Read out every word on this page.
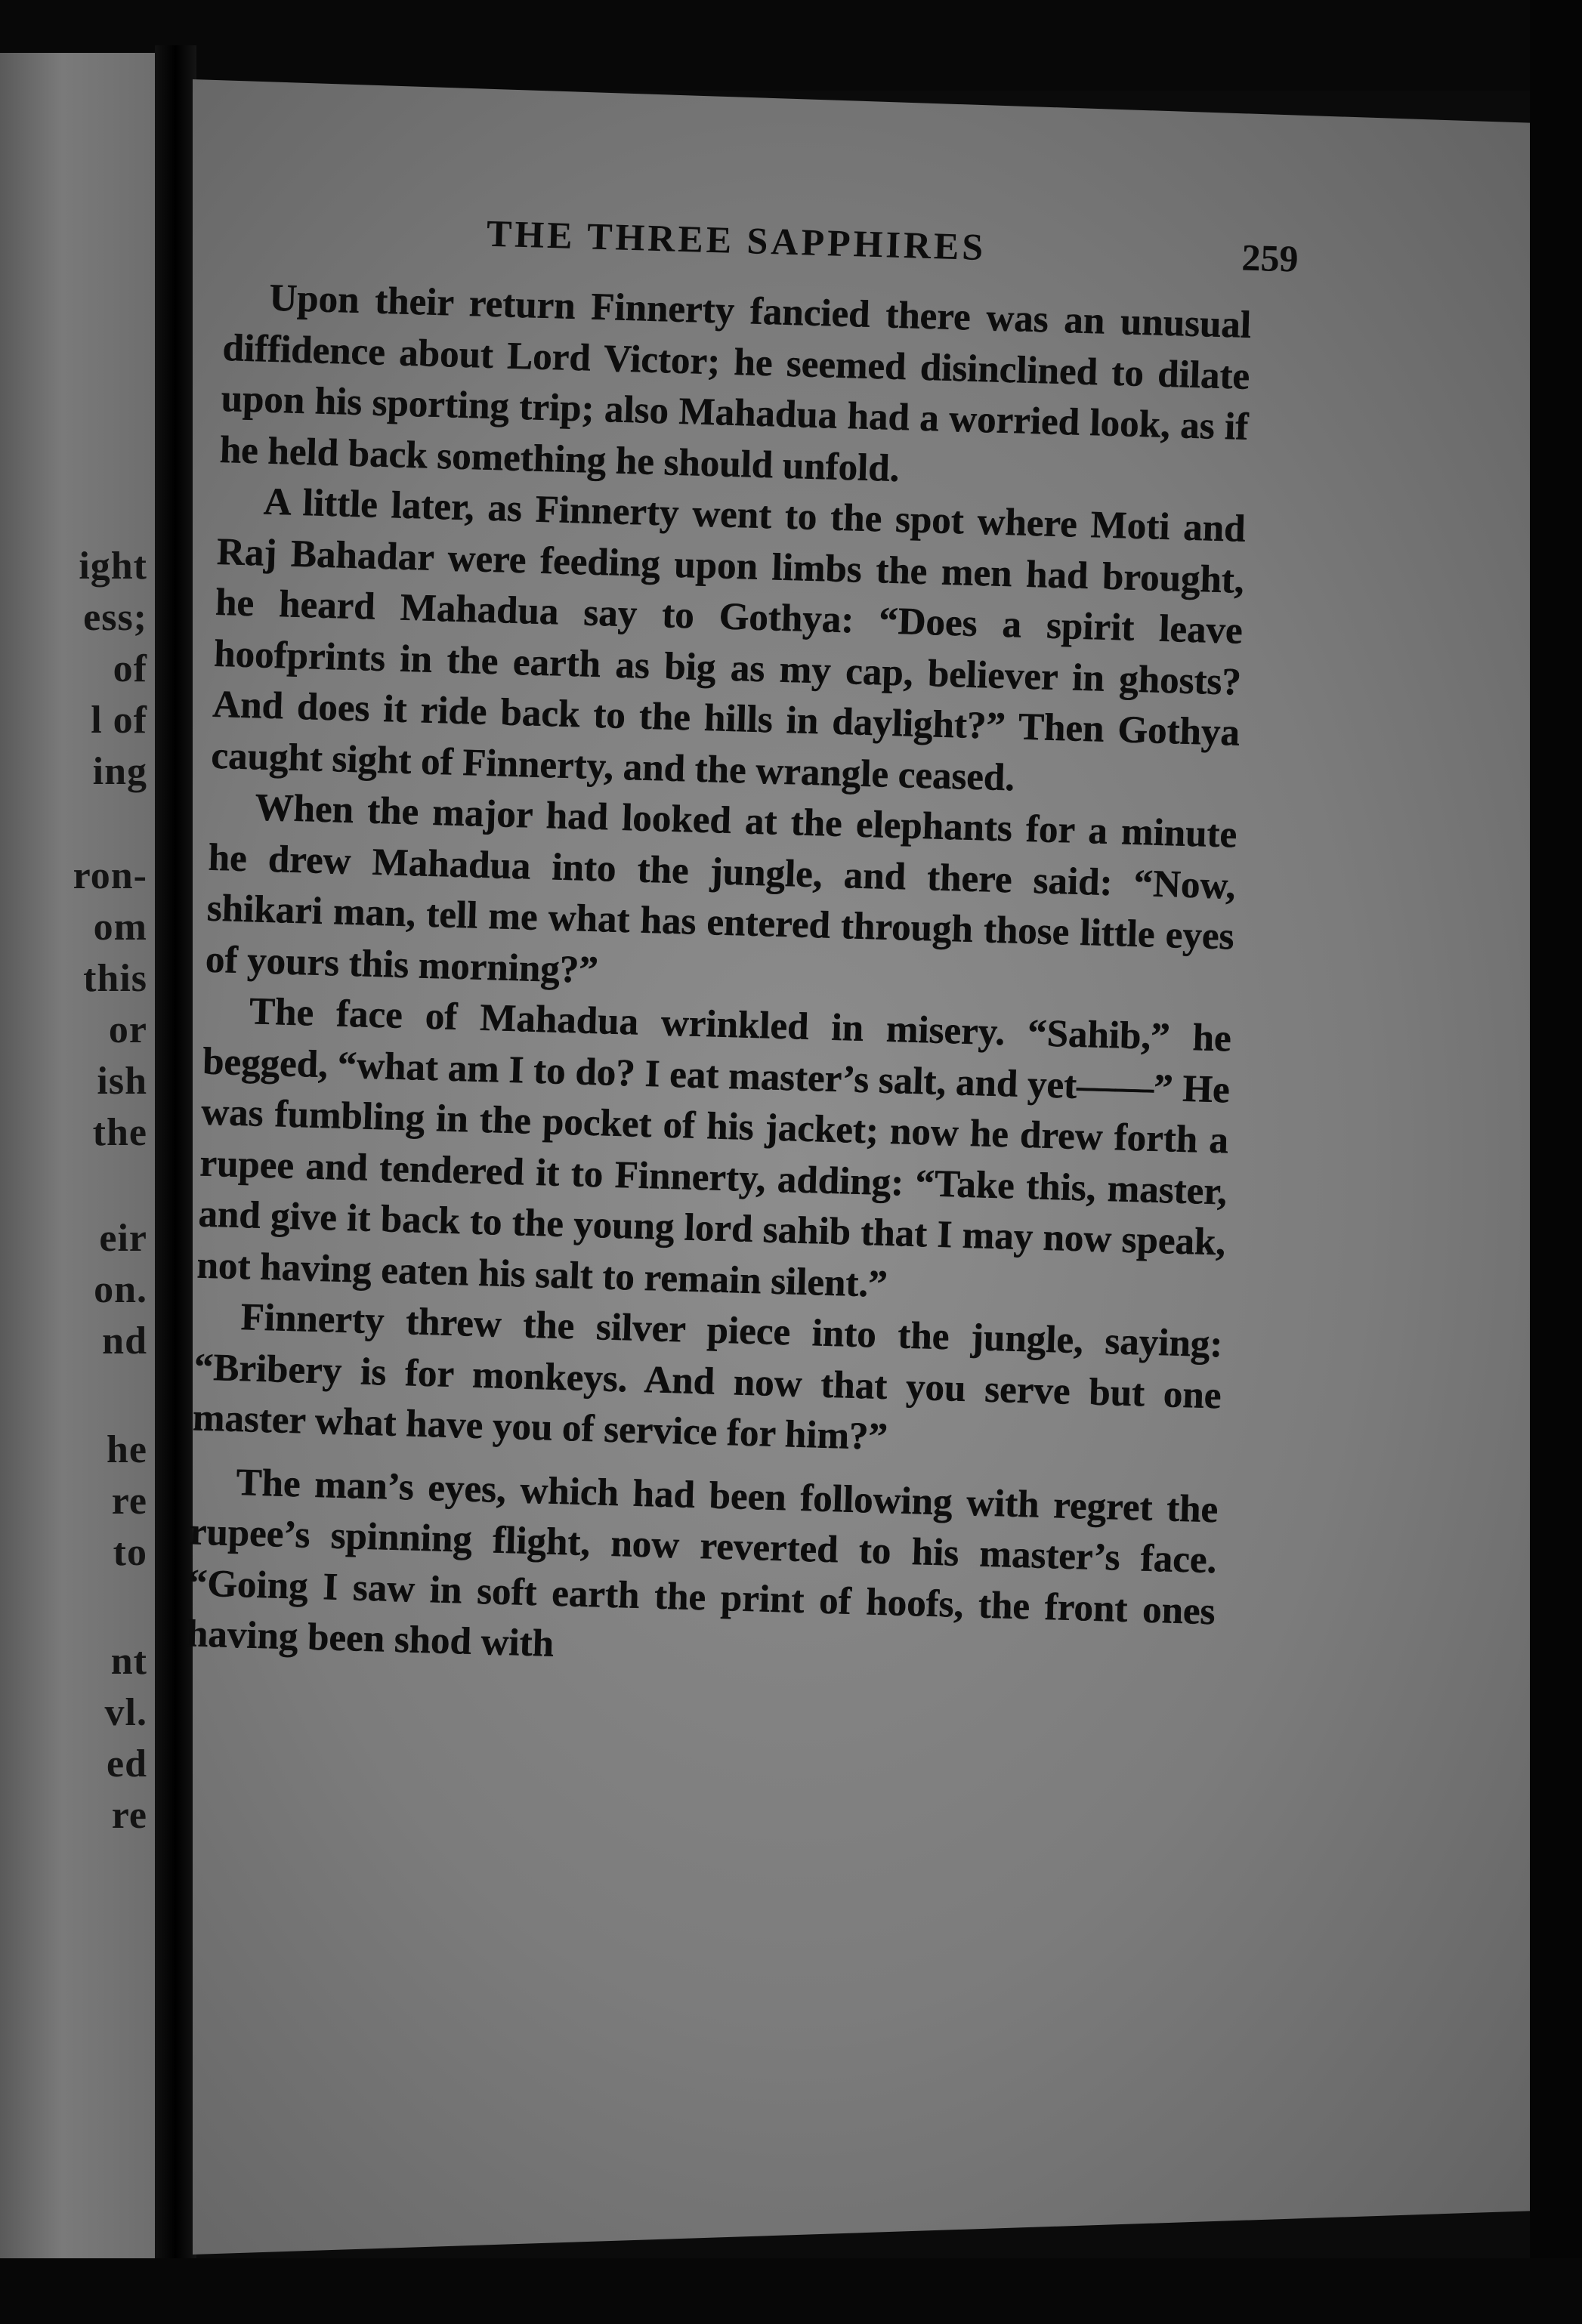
ight

ess;

of

l of

ing

ron-

om

this

or

ish

the

eir

on.

nd

he

re

to

nt

vl.

ed

re

THE THREE SAPPHIRES	259

Upon their return Finnerty fancied there was an unusual diffidence about Lord Victor; he seemed disinclined to dilate upon his sporting trip; also Mahadua had a worried look, as if he held back something he should unfold.

A little later, as Finnerty went to the spot where Moti and Raj Bahadar were feeding upon limbs the men had brought, he heard Mahadua say to Gothya: “Does a spirit leave hoofprints in the earth as big as my cap, believer in ghosts? And does it ride back to the hills in daylight?” Then Gothya caught sight of Finnerty, and the wrangle ceased.

When the major had looked at the elephants for a minute he drew Mahadua into the jungle, and there said: “Now, shikari man, tell me what has entered through those little eyes of yours this morning?”

The face of Mahadua wrinkled in misery. “Sahib,” he begged, “what am I to do? I eat master’s salt, and yet——” He was fumbling in the pocket of his jacket; now he drew forth a rupee and tendered it to Finnerty, adding: “Take this, master, and give it back to the young lord sahib that I may now speak, not having eaten his salt to remain silent.”

Finnerty threw the silver piece into the jungle, saying: “Bribery is for monkeys. And now that you serve but one master what have you of service for him?”

The man’s eyes, which had been following with regret the rupee’s spinning flight, now reverted to his master’s face. “Going I saw in soft earth the print of hoofs, the front ones having been shod with
